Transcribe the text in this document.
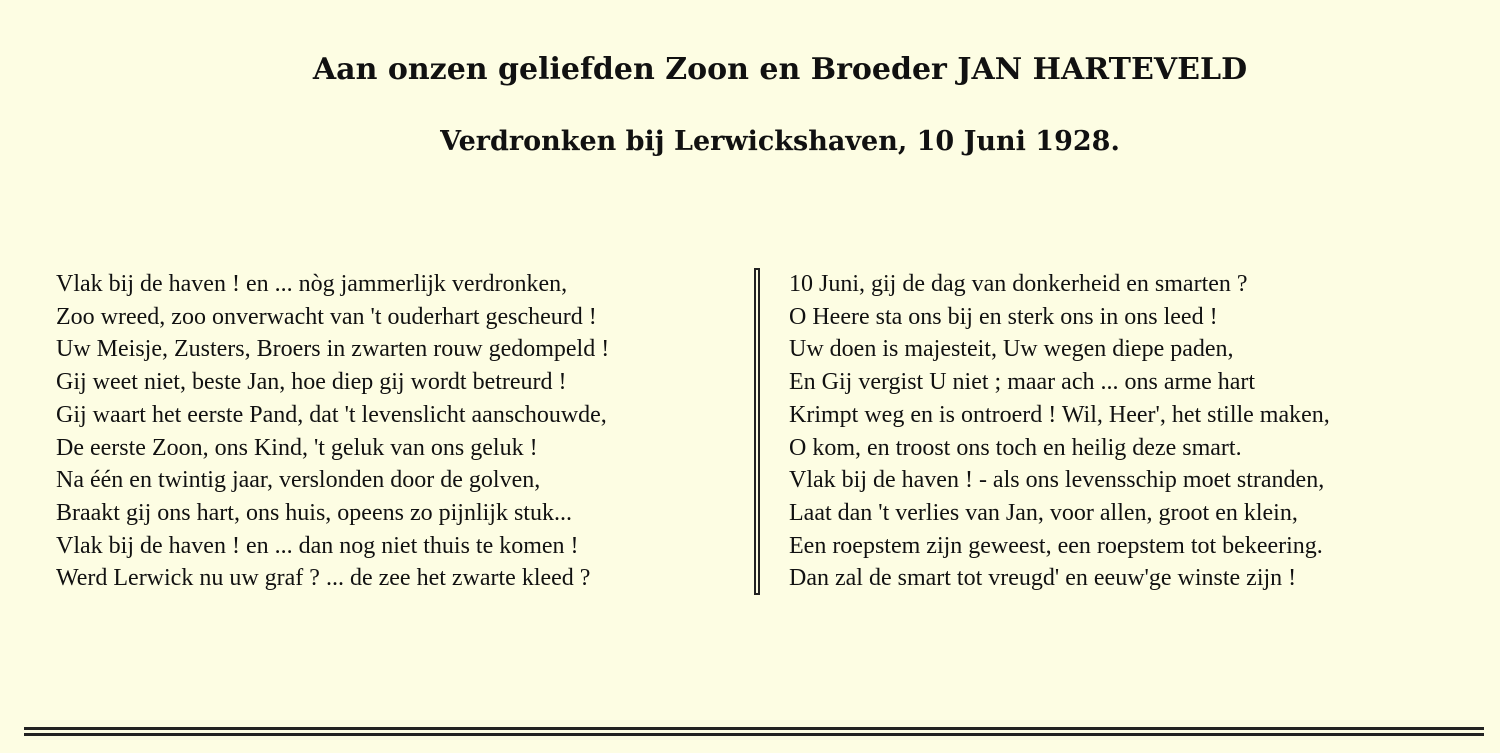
Aan onzen geliefden Zoon en Broeder JAN HARTEVELD
Verdronken bij Lerwickshaven, 10 Juni 1928.
Vlak bij de haven ! en ... nòg jammerlijk verdronken,
Zoo wreed, zoo onverwacht van 't ouderhart gescheurd !
Uw Meisje, Zusters, Broers in zwarten rouw gedompeld !
Gij weet niet, beste Jan, hoe diep gij wordt betreurd !
Gij waart het eerste Pand, dat 't levenslicht aanschouwde,
De eerste Zoon, ons Kind, 't geluk van ons geluk !
Na één en twintig jaar, verslonden door de golven,
Braakt gij ons hart, ons huis, opeens zo pijnlijk stuk...
Vlak bij de haven ! en ... dan nog niet thuis te komen !
Werd Lerwick nu uw graf ? ... de zee het zwarte kleed ?
10 Juni, gij de dag van donkerheid en smarten ?
O Heere sta ons bij en sterk ons in ons leed !
Uw doen is majesteit, Uw wegen diepe paden,
En Gij vergist U niet ; maar ach ... ons arme hart
Krimpt weg en is ontroerd ! Wil, Heer', het stille maken,
O kom, en troost ons toch en heilig deze smart.
Vlak bij de haven ! - als ons levensschip moet stranden,
Laat dan 't verlies van Jan, voor allen, groot en klein,
Een roepstem zijn geweest, een roepstem tot bekeering.
Dan zal de smart tot vreugd' en eeuw'ge winste zijn !
